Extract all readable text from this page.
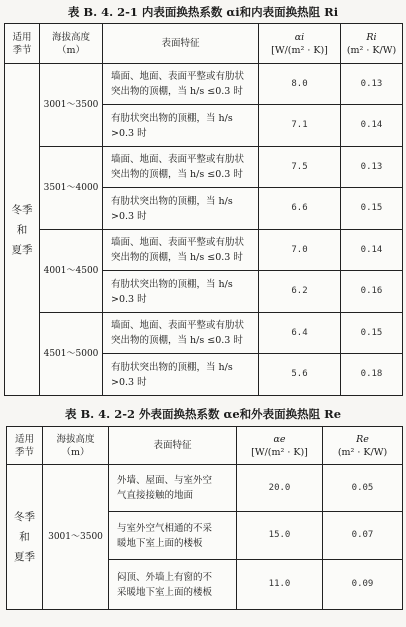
表 B. 4. 2-1 内表面换热系数 αi和内表面换热阻 Ri
适用
季节	海拔高度
（m）	表面特征	αi
[W/(m² · K)]	Ri
(m² · K/W)
冬季
和
夏季	3001～3500	墙面、地面、表面平整或有肋状
突出物的顶棚，当 h/s ≤0.3 时	8.0	0.13
		有肋状突出物的顶棚，当 h/s
>0.3 时	7.1	0.14
	3501～4000	墙面、地面、表面平整或有肋状
突出物的顶棚，当 h/s ≤0.3 时	7.5	0.13
		有肋状突出物的顶棚，当 h/s
>0.3 时	6.6	0.15
	4001～4500	墙面、地面、表面平整或有肋状
突出物的顶棚，当 h/s ≤0.3 时	7.0	0.14
		有肋状突出物的顶棚，当 h/s
>0.3 时	6.2	0.16
	4501～5000	墙面、地面、表面平整或有肋状
突出物的顶棚，当 h/s ≤0.3 时	6.4	0.15
		有肋状突出物的顶棚，当 h/s
>0.3 时	5.6	0.18
表 B. 4. 2-2 外表面换热系数 αe和外表面换热阻 Re
适用
季节	海拔高度
（m）	表面特征	αe
[W/(m² · K)]	Re
(m² · K/W)
冬季
和
夏季	3001～3500	外墙、屋面、与室外空
气直接接触的地面	20.0	0.05
		与室外空气相通的不采
暖地下室上面的楼板	15.0	0.07
		闷顶、外墙上有窗的不
采暖地下室上面的楼板	11.0	0.09
